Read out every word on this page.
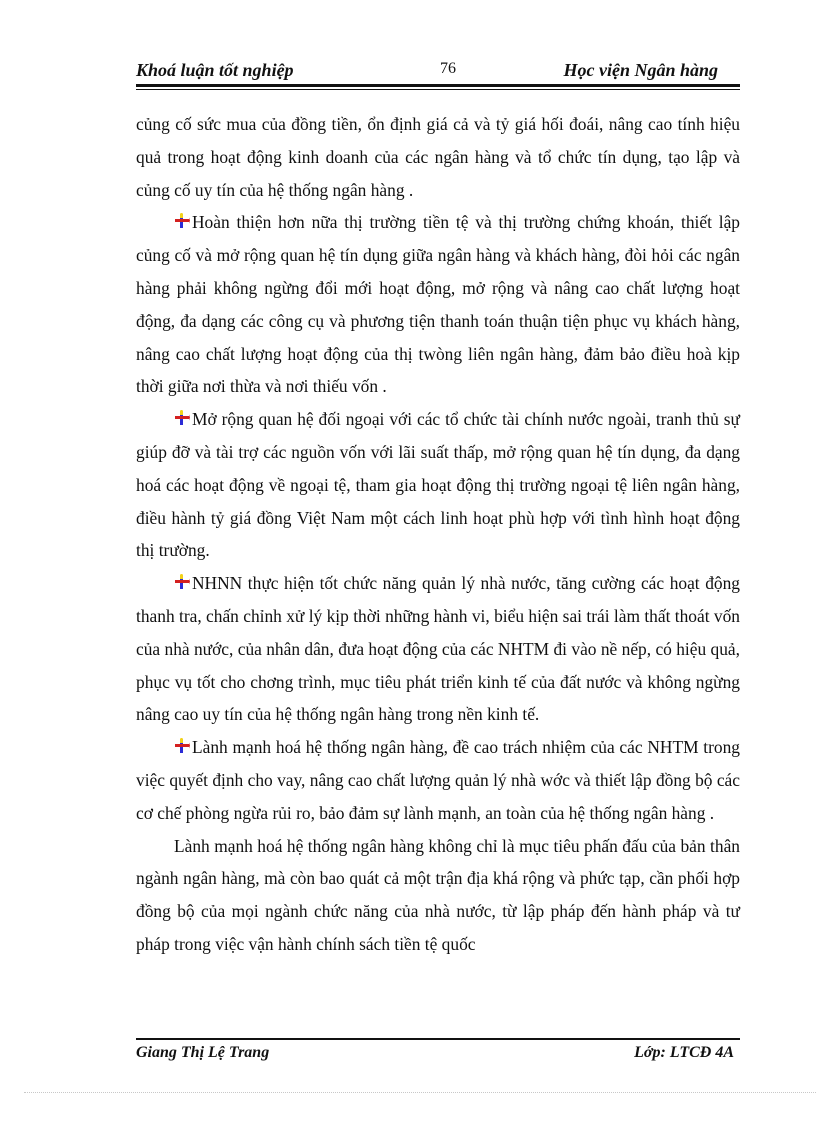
Khoá luận tốt nghiệp	76	Học viện Ngân hàng

củng cố sức mua của đồng tiền, ổn định giá cả và tỷ giá hối đoái, nâng cao tính hiệu quả trong hoạt động kinh doanh của các ngân hàng và tổ chức tín dụng, tạo lập và củng cố uy tín của hệ thống ngân hàng .

Hoàn thiện hơn nữa thị trường tiền tệ và thị trường chứng khoán, thiết lập củng cố và mở rộng quan hệ tín dụng giữa ngân hàng và khách hàng, đòi hỏi các ngân hàng phải không ngừng đổi mới hoạt động, mở rộng và nâng cao chất lượng hoạt động, đa dạng các công cụ và phương tiện thanh toán thuận tiện phục vụ khách hàng, nâng cao chất lượng hoạt động của thị twòng liên ngân hàng, đảm bảo điều hoà kịp thời giữa nơi thừa và nơi thiếu vốn .

Mở rộng quan hệ đối ngoại với các tổ chức tài chính nước ngoài, tranh thủ sự giúp đỡ và tài trợ các nguồn vốn với lãi suất thấp, mở rộng quan hệ tín dụng, đa dạng hoá các hoạt động về ngoại tệ, tham gia hoạt động thị trường ngoại tệ liên ngân hàng, điều hành tỷ giá đồng Việt Nam một cách linh hoạt phù hợp với tình hình hoạt động thị trường.

NHNN thực hiện tốt chức năng quản lý nhà nước, tăng cường các hoạt động thanh tra, chấn chỉnh xử lý kịp thời những hành vi, biểu hiện sai trái làm thất thoát vốn của nhà nước, của nhân dân, đưa hoạt động của các NHTM đi vào nề nếp, có hiệu quả, phục vụ tốt cho chơng trình, mục tiêu phát triển kinh tế của đất nước và không ngừng nâng cao uy tín của hệ thống ngân hàng trong nền kinh tế.

Lành mạnh hoá hệ thống ngân hàng, đề cao trách nhiệm của các NHTM trong việc quyết định cho vay, nâng cao chất lượng quản lý nhà wớc và thiết lập đồng bộ các cơ chế phòng ngừa rủi ro, bảo đảm sự lành mạnh, an toàn của hệ thống ngân hàng .

Lành mạnh hoá hệ thống ngân hàng không chỉ là mục tiêu phấn đấu của bản thân ngành ngân hàng, mà còn bao quát cả một trận địa khá rộng và phức tạp, cần phối hợp đồng bộ của mọi ngành chức năng của nhà nước, từ lập pháp đến hành pháp và tư pháp trong việc vận hành chính sách tiền tệ quốc

Giang Thị Lệ Trang	Lớp: LTCĐ 4A
